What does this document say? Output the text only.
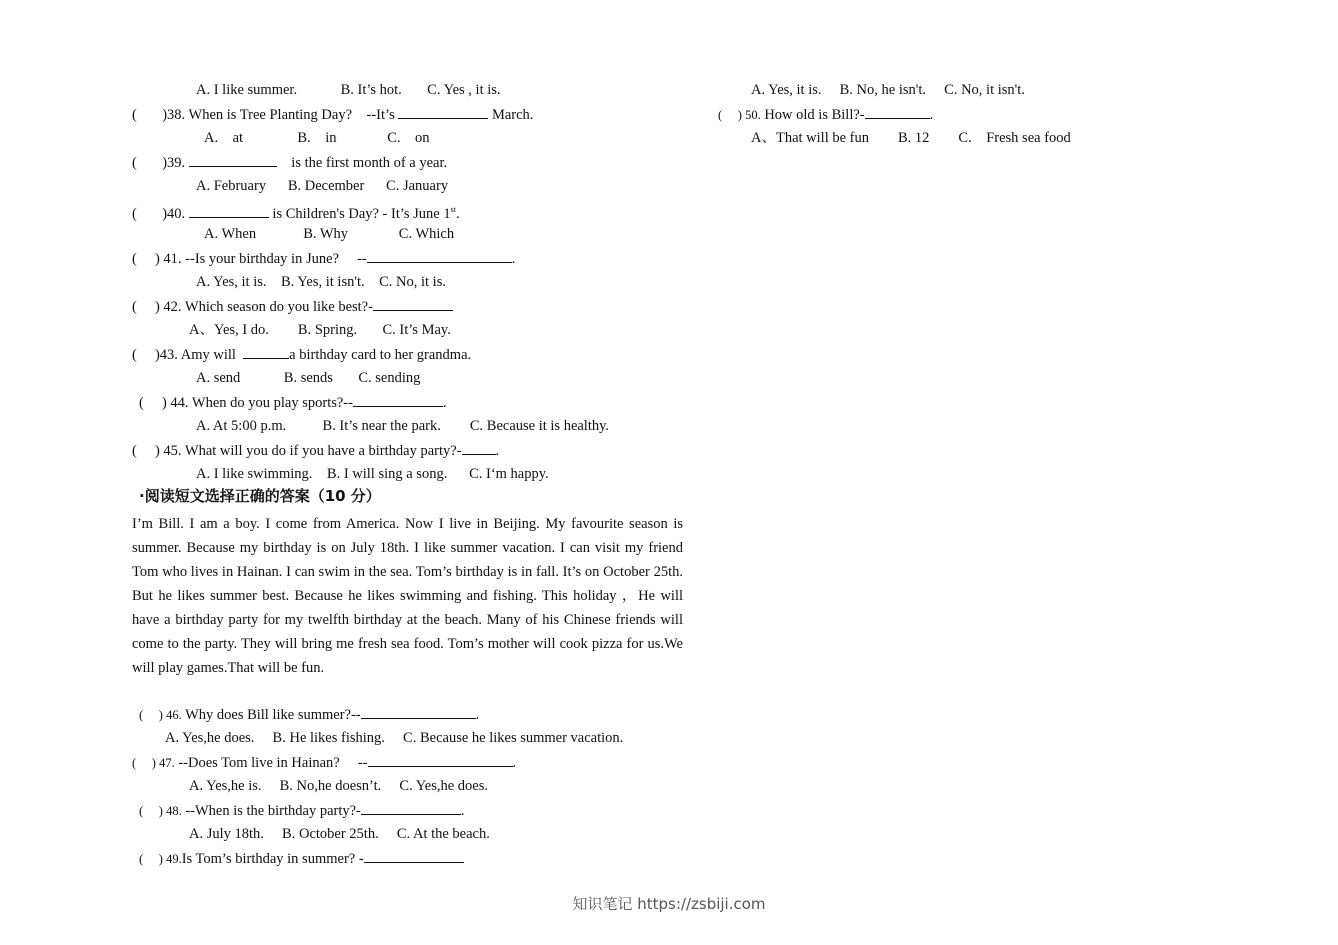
A. I like summer.            B. It’s hot.       C. Yes , it is.
(       )38. When is Tree Planting Day?    --It’s	March.
A.    at               B.    in              C.    on
(       )39.	is the first month of a year.
A. February      B. December      C. January
(       )40.	is Children's Day? - It’s June 1st.
A. When             B. Why              C. Which
(     ) 41. --Is your birthday in June?     --	.
A. Yes, it is.    B. Yes, it isn't.    C. No, it is.
(     ) 42. Which season do you like best?-
A、Yes, I do.        B. Spring.       C. It’s May.
(     )43. Amy will	a birthday card to her grandma.
A. send            B. sends       C. sending
(     ) 44. When do you play sports?--	.
A. At 5:00 p.m.          B. It’s near the park.        C. Because it is healthy.
(     ) 45. What will you do if you have a birthday party?- .
A. I like swimming.    B. I will sing a song.      C. I‘m happy.
·阅读短文选择正确的答案（10 分）
I’m Bill. I am a boy. I come from America. Now I live in Beijing. My favourite season is summer. Because my birthday is on July 18th. I like summer vacation. I can visit my friend Tom who lives in Hainan. I can swim in the sea. Tom’s birthday is in fall. It’s on October 25th. But he likes summer best. Because he likes swimming and fishing. This holiday ，He will have a birthday party for my twelfth birthday at the beach. Many of his Chinese friends will come to the party. They will bring me fresh sea food. Tom’s mother will cook pizza for us.We will play games.That will be fun.
(     ) 46. Why does Bill like summer?--	.
A. Yes,he does.     B. He likes fishing.     C. Because he likes summer vacation.
(     ) 47. --Does Tom live in Hainan?     --	.
A. Yes,he is.     B. No,he doesn’t.     C. Yes,he does.
(     ) 48. --When is the birthday party?-	.
A. July 18th.     B. October 25th.     C. At the beach.
(     ) 49.Is Tom’s birthday in summer? -
A. Yes, it is.     B. No, he isn't.     C. No, it isn't.
(     ) 50. How old is Bill?-	.
A、That will be fun        B. 12        C.    Fresh sea food
知识笔记 https://zsbiji.com
